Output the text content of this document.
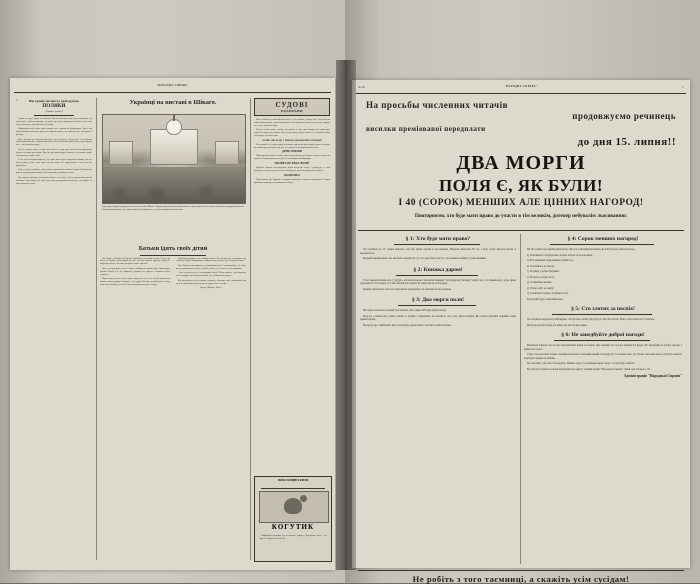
4
НАРОДНА СПРАВА
Що краще читають і пригадують
ПОЛЯКИ
(Приват. хроніка)

Справа ця дуже цікава й повчаюча. Від неї залежить ціла низка висновків, які треба конче зробити кожному, хто думає про долю народньої просвіти та хто хоче знати, чим живе сучасний читач у Польщі.

Надрукували тоді кілька таких книжок, що їх читали по цілому краю. Одні з них були призначені для дітей, другі для старших людей, а ще инші для тих, що шукають розваги.

Ми не можемо тут наводити всіх чисел, бо їх забагато, а місце мале. Але взяли ми тільки найголовніші, з яких кожний може собі зробити власний погляд на цю справу і на те, чого потребує нарід.

Як уже сказано вище, головна річ полягає в тому, щоб книжка була приступна, дешева та цікава для читача. Коли ці три умови будуть сповнені, то книжка знайде собі дорогу до кожної хати.

З тих чисел виходить виразно, що читач наш шукає передовсім книжки, яка дає йому розвагу, а вже потім такої, що його вчить. Це природня річ і нема чого тут дивуватись.

Тому то треба старатись, щоб книжка наукова була написана цікаво й приступно, щоб не відстрашувала читача сухістю викладу та важкою мовою.

Оце короткі висновки, які можна зробити з тих чисел, що їх подали нам польські часописи. Вони варті того, щоб над ними призадуматись кожному, хто працює на ниві народньої освіти.

Українці на виставі в Шікаго.
Гурт бувших будівель української хати на виставі в Шікаго. Українці виставили показний павільон, який звертав на себе увагу численних відвідувачів вистави. Світлина представляє гурт наших людей перед будинком, де містилася українська виставка.
Батьки їдять своїх дітий

Такі вісти на Бувай під Києвом приходять останніми днями. Голод, що лютує на Україні, довів людей до того, що вони тратять людську подобу та кидаються на все, аби лише вдержати життя при собі.

Листи, які доходять до нас із краю, оповідають страшні речі. Люди мруть цілими селами, а ті, що лишились, блукають по дорогах і шукають чогось їстивного.

Маємо перед собою лист, в якому описується, як у селі під Полтавою мати зарізала власну дитину й зварила з неї страву. Коли про це довідались сусіди, вони хотіли її вбити, та вона й сама незабаром померла з голоду.

Подібних випадків у тих околицях багато. Це наслідок тієї господарки, яку завели на Україні большевики, забираючи від селян усе до останнього зерна.

Ціла Україна перетворилась у великий цвинтар. Села вимирають, а ті люди, що ще тримаються на ногах, тікають у міста, де їх ніхто не хоче приймати.

А що ж роблять на це большевицькі власті? Вони мовчать і далі вивозять хліб за кордон, щоб показати світові, що на Україні все гаразд.

Ми звертаємось до всіх наших земляків у вільному світі: допоможіть чим можете своїм братам, що гинуть на рідній землі з голоду!

Дмитро Швець з Чікаґо.

СУДОВІ
РОЗПРАВИ

Ми не можемо тут наводити всіх чисел, бо їх забагато, а місце мале. Але взяли ми тільки найголовніші, з яких кожний може собі зробити власний погляд на цю справу і на те, чого потребує нарід.

Як уже сказано вище, головна річ полягає в тому, щоб книжка була приступна, дешева та цікава для читача. Коли ці три умови будуть сповнені, то книжка знайде собі дорогу до кожної хати.

ОТЖЕ, ЯК БУДЕ З ТИМ НАДІЛОМ ВИСЕЛЕНЦІВ

На останній сесії суду в справі земельних наділів для виселенців запала постанова, що справа буде розглянена ще раз, бо сторони не погодились між собою.

ДЕНЬ ГРИМІВ

Події минулого тижня в повіті знову нагадали всім, що справа з поділом ґрунтів не скінчена. Люди домагаються, щоб усе полагодити якнайшвидше.

ПРОФЕСОР ХВАЛ ЗНОВУ

Відомий знавець господарських справ виступив знову з доповіддю, в якій докладно пояснив, як треба вести господарство, щоб воно приносило користь.

КОЛЮМБА

Нова книжка про відкриття Америки появилась у нашому видавництві. Її варто прочитати кожному, хто цікавиться історією.

ВІЛЬ ГОЛОВНІ ГАЗЕТИ
КОГУТИК

Найкращий тижневик для селянської родини. Передплата річно 5 зл. Адреса: Львів, вул. Руська 20.

№ 28	"НАРОДНА СПРАВА"	5
На просьбы численних читачів
продовжуємо речинець
висилки преміованої передплати
до дня 15. липня!!
ДВА МОРГИ
ПОЛЯ Є, ЯК БУЛИ!
І 40 (СОРОК) МЕНШИХ АЛЕ ЦІННИХ НАГОРОД!
Повторюємо, хто буде мати право до участи в тім великім, дотепер небувалім льосованню:
§ 1: Хто буде мати право?

Хто надішле до 15. липня вписове, той має право участи в льосованню. Вписове виносить 50 сот. і його треба вислати разом із передплатою.

Кождий передплатник, що вплатить передплату до того дня, бере участь у льосованню нарівні з усіма иншими.

§ 2: Книжка даром!

Ті всі передплатники, що є і будуть, дістануть даром і безплатно книжку "Господарську Читанку" вартости 2. зл. Книжка ця є дуже цінна для кожного господаря, бо в ній списані всі поради, як ліпше вести господарку.

Книжку висилаємо зараз по надісланню передплати, не чекаючи на льосування.

§ 3: Два морги поля!

Має ціла, заплачена в нашій льосованню (тих самих 1933 Два морги поля).

Поле це є вільне від усяких довгів та тягарів і переходить на власність того, кого щастя вибере. Всі кошти переписі покриває наша адміністрація.

Нагорода ця є найбільша, яку коли небудь давала якась часопись своїм читачам.

§ 4: Сорок менших нагород!

На тих самих льосованню виписуємо ніж уся учасників визначено ще 6 40 (сорок) таких нагород:

а) 10 великих господарських добрих моргів господарських;

б) 60 годинників-будильників добрий ход;

в) 10 машинок до шиття;

г) 10 ровер з доброї фабрики;

ґ) 10 тисяч гострих коси;

д) 10 швейних машин;

е) 10 пар чобіт на шкіру;

є) 5 комплетів ножів з добрими сталі;

ж) кождий буде розписний наділ.

§ 5: Сто злотих за поспіх!

Хто надішле передплату найскорше, той дістане осібну нагороду в сумі 100 злотих. Рішає дата поштового стемпля.

Ця нагорода йде понад усі инші, про які згадано вище.

§ 6: Не занедбуйте доброї нагоди!

Величезні користи, що їх має передплатник нашої часописи, знає кожний, хто хоч раз тримав її в руках. Не занедбуйте ж доброї нагоди, а впишіться зараз!

І буде тоді доплатив тільки з малими коштами, бо кожний цінний господар або господиня знає, що тільки тоді може щось осягнути, коли не відкладає справи на пізніше.

Хто зволікає, той сам собі шкодить. Пишіть зараз, бо речинець минає скоро, а потім буде запізно!

Всі листи і грошеві посилки направляти на адресу: Адміністрація "Народньої Справи", Львів, вул. Руська ч. 20.

Адміністрація "Народньої Справи"
Не робіть з того таємниці, а скажіть усім сусідам!
